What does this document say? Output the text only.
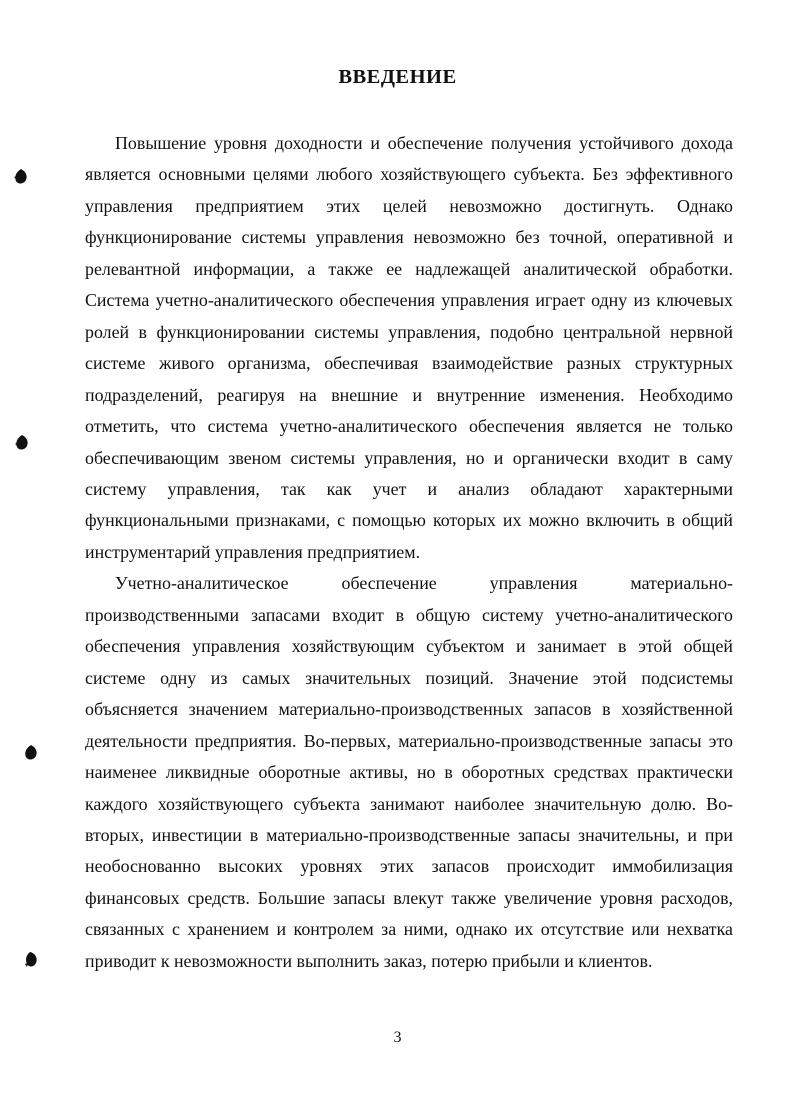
ВВЕДЕНИЕ

Повышение уровня доходности и обеспечение получения устойчивого дохода является основными целями любого хозяйствующего субъекта. Без эффективного управления предприятием этих целей невозможно достигнуть. Однако функционирование системы управления невозможно без точной, оперативной и релевантной информации, а также ее надлежащей аналитической обработки. Система учетно-аналитического обеспечения управления играет одну из ключевых ролей в функционировании системы управления, подобно центральной нервной системе живого организма, обеспечивая взаимодействие разных структурных подразделений, реагируя на внешние и внутренние изменения. Необходимо отметить, что система учетно-аналитического обеспечения является не только обеспечивающим звеном системы управления, но и органически входит в саму систему управления, так как учет и анализ обладают характерными функциональными признаками, с помощью которых их можно включить в общий инструментарий управления предприятием.

Учетно-аналитическое обеспечение управления материально-производственными запасами входит в общую систему учетно-аналитического обеспечения управления хозяйствующим субъектом и занимает в этой общей системе одну из самых значительных позиций. Значение этой подсистемы объясняется значением материально-производственных запасов в хозяйственной деятельности предприятия. Во-первых, материально-производственные запасы это наименее ликвидные оборотные активы, но в оборотных средствах практически каждого хозяйствующего субъекта занимают наиболее значительную долю. Во-вторых, инвестиции в материально-производственные запасы значительны, и при необоснованно высоких уровнях этих запасов происходит иммобилизация финансовых средств. Большие запасы влекут также увеличение уровня расходов, связанных с хранением и контролем за ними, однако их отсутствие или нехватка приводит к невозможности выполнить заказ, потерю прибыли и клиентов.

3
